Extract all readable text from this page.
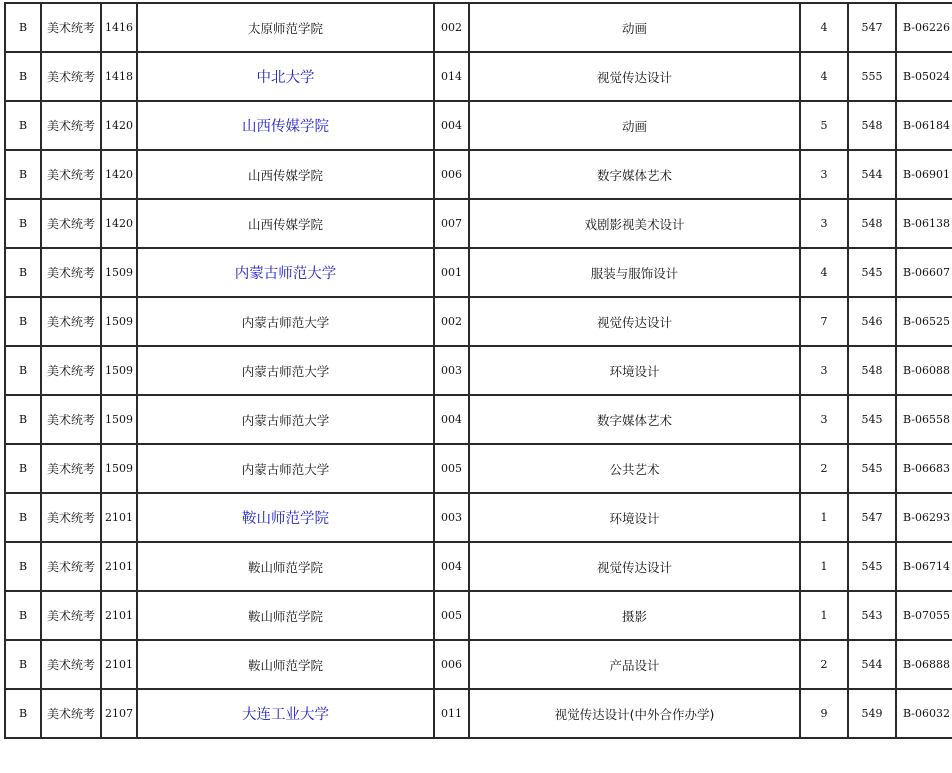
B	美术统考	1416	太原师范学院	002	动画	4	547	B-06226
B	美术统考	1418	中北大学	014	视觉传达设计	4	555	B-05024
B	美术统考	1420	山西传媒学院	004	动画	5	548	B-06184
B	美术统考	1420	山西传媒学院	006	数字媒体艺术	3	544	B-06901
B	美术统考	1420	山西传媒学院	007	戏剧影视美术设计	3	548	B-06138
B	美术统考	1509	内蒙古师范大学	001	服装与服饰设计	4	545	B-06607
B	美术统考	1509	内蒙古师范大学	002	视觉传达设计	7	546	B-06525
B	美术统考	1509	内蒙古师范大学	003	环境设计	3	548	B-06088
B	美术统考	1509	内蒙古师范大学	004	数字媒体艺术	3	545	B-06558
B	美术统考	1509	内蒙古师范大学	005	公共艺术	2	545	B-06683
B	美术统考	2101	鞍山师范学院	003	环境设计	1	547	B-06293
B	美术统考	2101	鞍山师范学院	004	视觉传达设计	1	545	B-06714
B	美术统考	2101	鞍山师范学院	005	摄影	1	543	B-07055
B	美术统考	2101	鞍山师范学院	006	产品设计	2	544	B-06888
B	美术统考	2107	大连工业大学	011	视觉传达设计(中外合作办学)	9	549	B-06032
